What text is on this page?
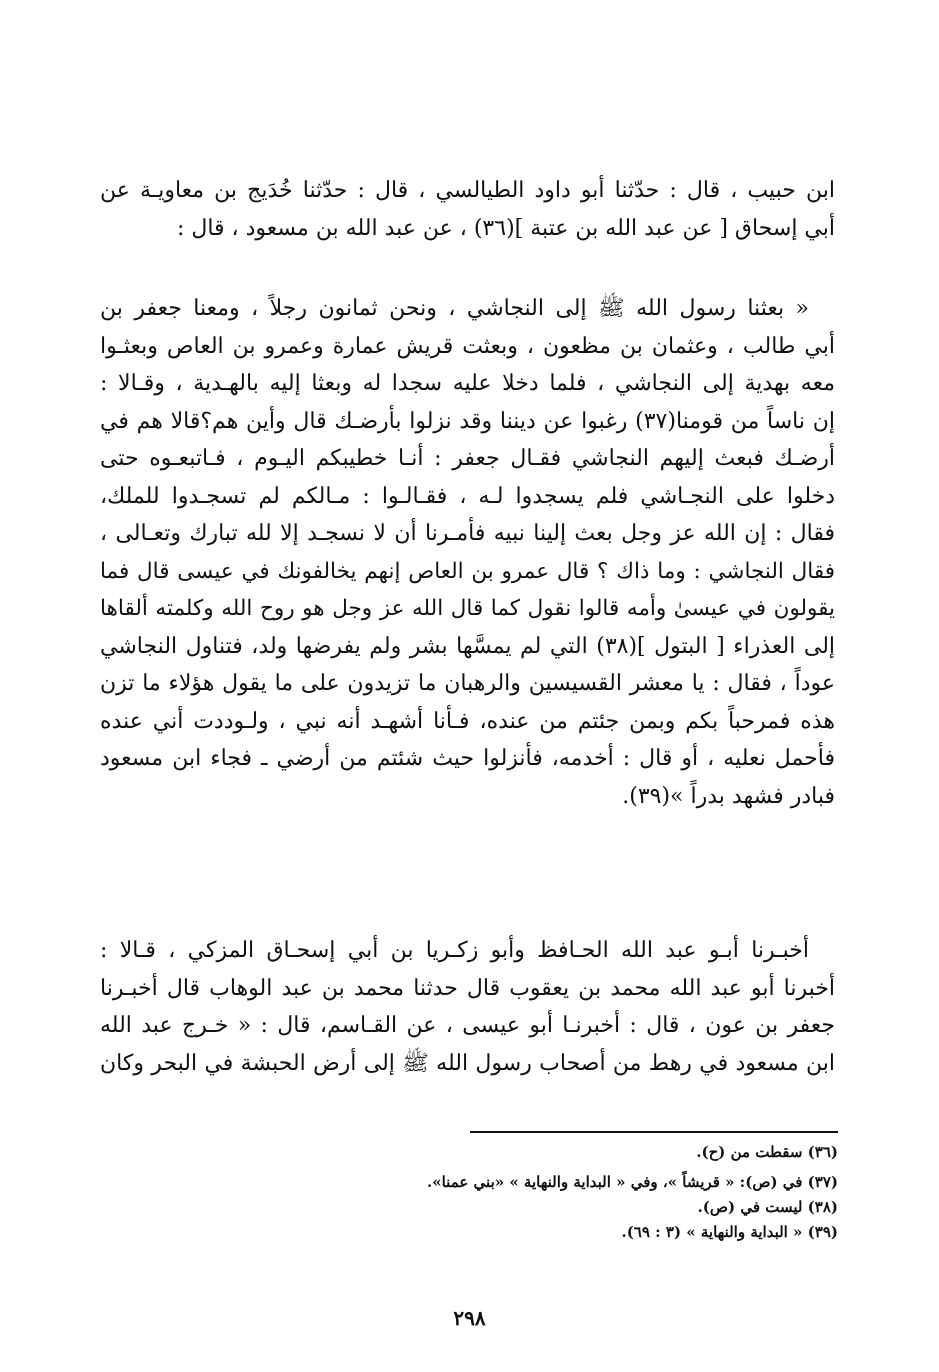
ابن حبيب ، قال : حدّثنا أبو داود الطيالسي ، قال : حدّثنا خُدَيج بن معاويـة عن
أبي إسحاق [ عن عبد الله بن عتبة ](٣٦) ، عن عبد الله بن مسعود ، قال :
« بعثنا رسول الله ﷺ إلى النجاشي ، ونحن ثمانون رجلاً ، ومعنا جعفر بن
أبي طالب ، وعثمان بن مظعون ، وبعثت قريش عمارة وعمرو بن العاص وبعثـوا
معه بهدية إلى النجاشي ، فلما دخلا عليه سجدا له وبعثا إليه بالهـدية ، وقـالا :
إن ناساً من قومنا(٣٧) رغبوا عن ديننا وقد نزلوا بأرضـك قال وأين هم؟قالا هم في
أرضـك فبعث إليهم النجاشي فقـال جعفر : أنـا خطيبكم اليـوم ، فـاتبعـوه حتى
دخلوا على النجـاشي فلم يسجدوا لـه ، فقـالـوا : مـالكم لم تسجـدوا للملك،
فقال : إن الله عز وجل بعث إلينا نبيه فأمـرنا أن لا نسجـد إلا لله تبارك وتعـالى ،
فقال النجاشي : وما ذاك ؟ قال عمرو بن العاص إنهم يخالفونك في عيسى قال فما
يقولون في عيسىٰ وأمه قالوا نقول كما قال الله عز وجل هو روح الله وكلمته ألقاها
إلى العذراء [ البتول ](٣٨) التي لم يمسَّها بشر ولم يفرضها ولد، فتناول النجاشي
عوداً ، فقال : يا معشر القسيسين والرهبان ما تزيدون على ما يقول هؤلاء ما تزن
هذه فمرحباً بكم وبمن جئتم من عنده، فـأنا أشهـد أنه نبي ، ولـوددت أني عنده
فأحمل نعليه ، أو قال : أخدمه، فأنزلوا حيث شئتم من أرضي ـ فجاء ابن مسعود
فبادر فشهد بدراً »(٣٩).
أخبـرنا أبـو عبد الله الحـافظ وأبو زكـريا بن أبي إسحـاق المزكي ، قـالا :
أخبرنا أبو عبد الله محمد بن يعقوب قال حدثنا محمد بن عبد الوهاب قال أخبـرنا
جعفر بن عون ، قال : أخبرنـا أبو عيسى ، عن القـاسم، قال : « خـرج عبد الله
ابن مسعود في رهط من أصحاب رسول الله ﷺ إلى أرض الحبشة في البحر وكان
(٣٦) سقطت من (ح).
(٣٧) في (ص): « قريشاً »، وفي « البداية والنهاية » «بني عمنا».
(٣٨) ليست في (ص).
(٣٩) « البداية والنهاية » (٣ : ٦٩).
٢٩٨
